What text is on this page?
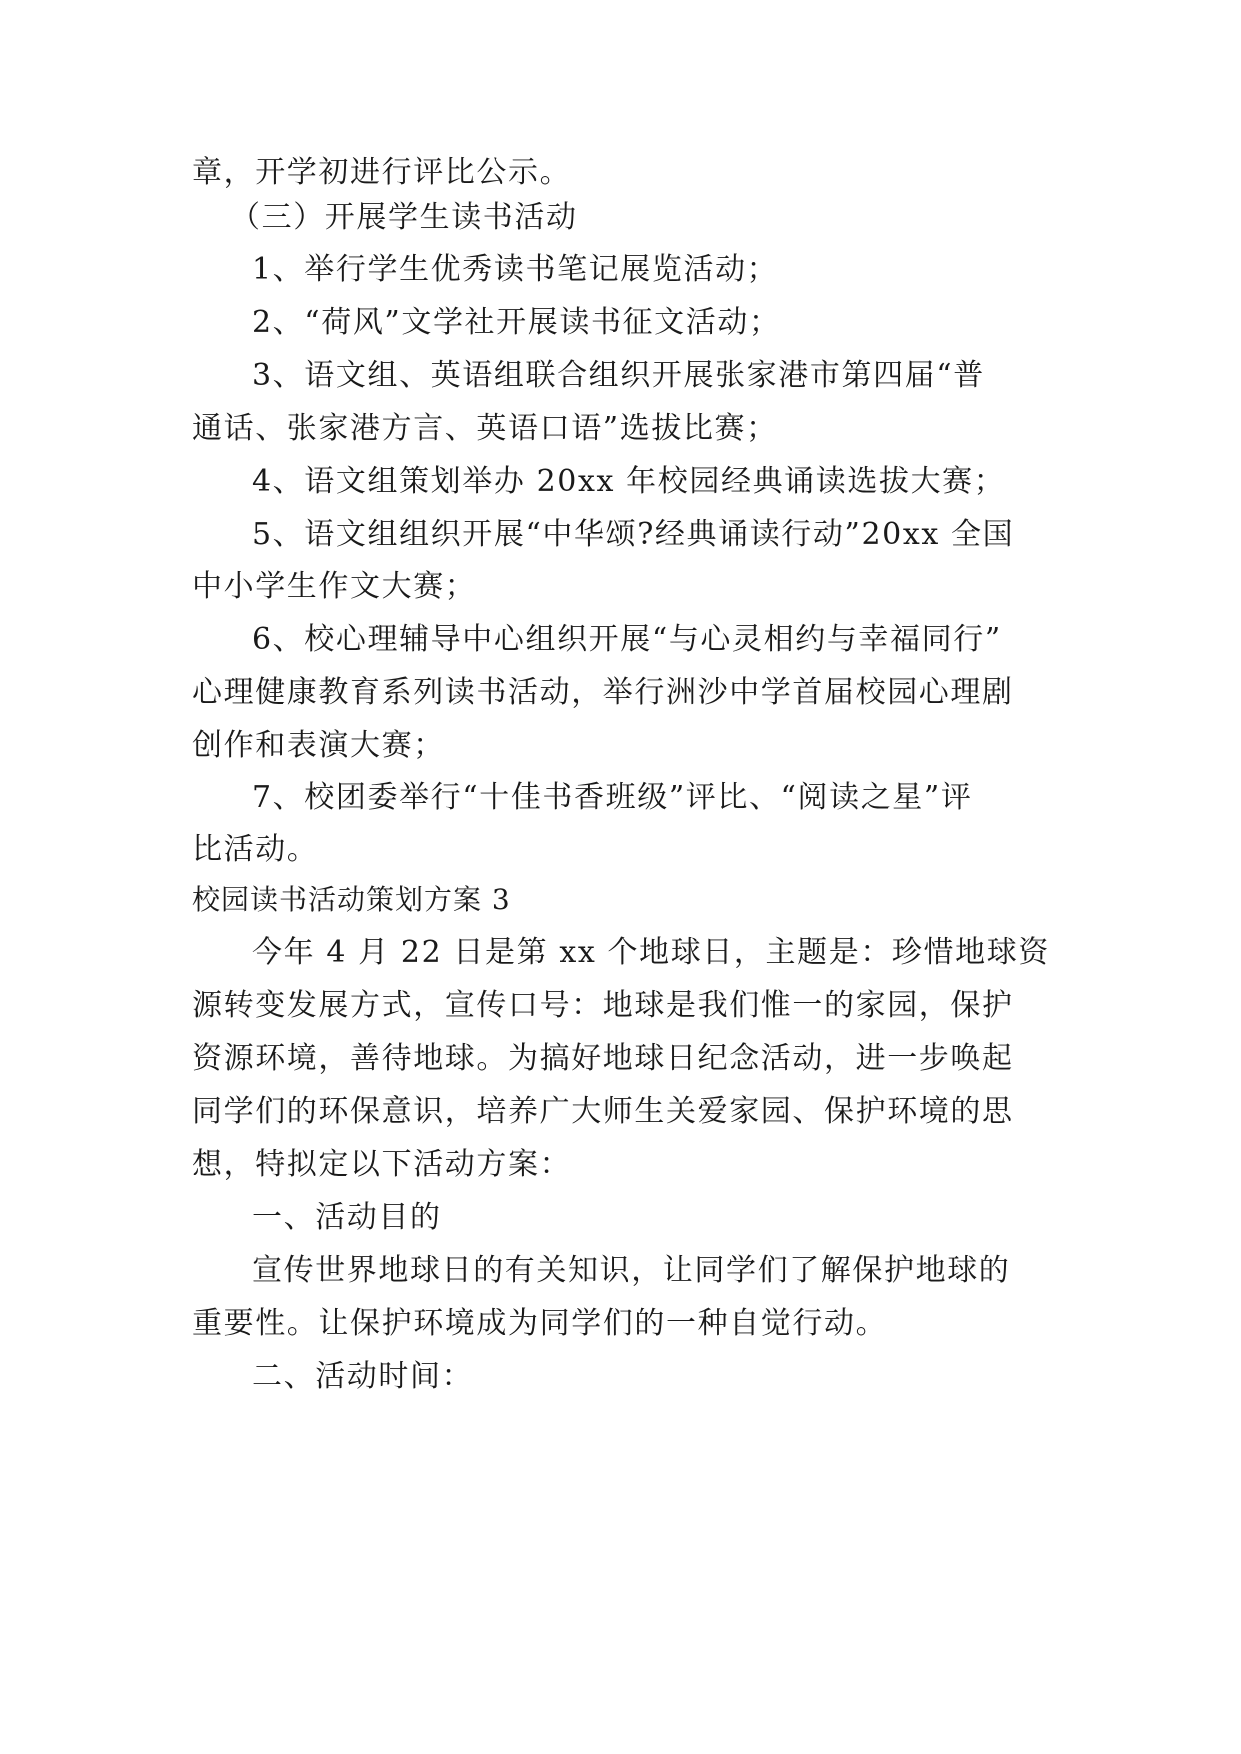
章，开学初进行评比公示。
（三）开展学生读书活动
1、举行学生优秀读书笔记展览活动；
2、“荷风”文学社开展读书征文活动；
3、语文组、英语组联合组织开展张家港市第四届“普
通话、张家港方言、英语口语”选拔比赛；
4、语文组策划举办 20xx 年校园经典诵读选拔大赛；
5、语文组组织开展“中华颂?经典诵读行动”20xx 全国
中小学生作文大赛；
6、校心理辅导中心组织开展“与心灵相约与幸福同行”
心理健康教育系列读书活动，举行洲沙中学首届校园心理剧
创作和表演大赛；
7、校团委举行“十佳书香班级”评比、“阅读之星”评
比活动。
校园读书活动策划方案 3
今年 4 月 22 日是第 xx 个地球日，主题是：珍惜地球资
源转变发展方式，宣传口号：地球是我们惟一的家园，保护
资源环境，善待地球。为搞好地球日纪念活动，进一步唤起
同学们的环保意识，培养广大师生关爱家园、保护环境的思
想，特拟定以下活动方案：
一、活动目的
宣传世界地球日的有关知识，让同学们了解保护地球的
重要性。让保护环境成为同学们的一种自觉行动。
二、活动时间：
